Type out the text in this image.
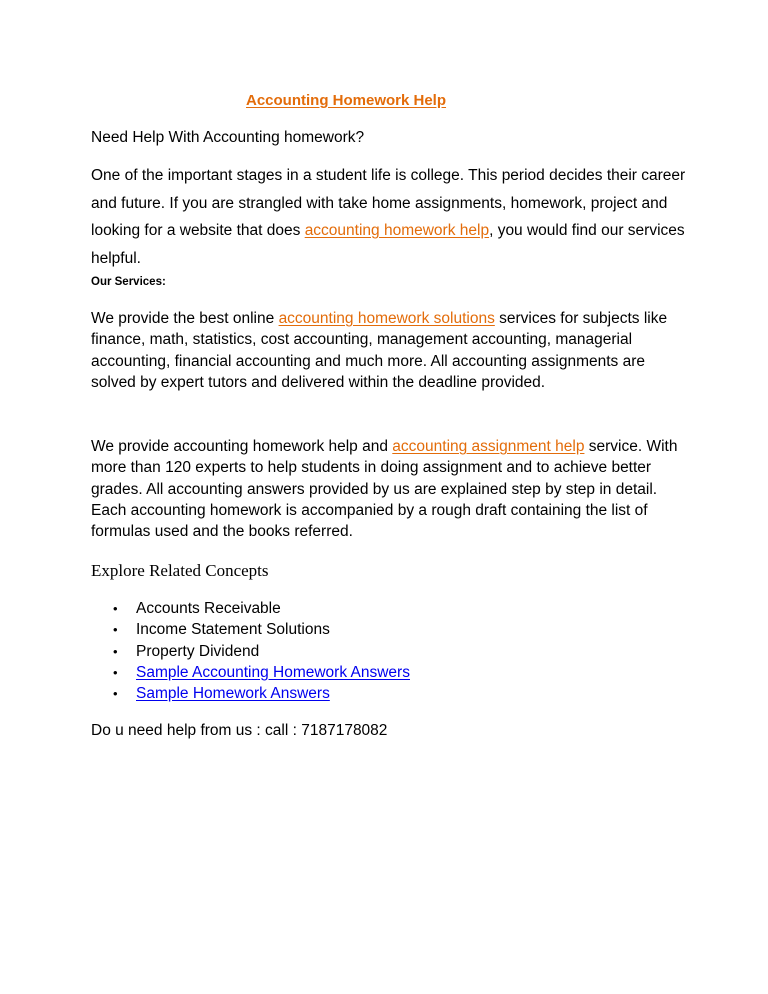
Accounting Homework Help
Need Help With Accounting homework?

One of the important stages in a student life is college. This period decides their career and future. If you are strangled with take home assignments, homework, project and looking for a website that does accounting homework help, you would find our services helpful.

Our Services:

We provide the best online accounting homework solutions services for subjects like finance, math, statistics, cost accounting, management accounting, managerial accounting, financial accounting and much more. All accounting assignments are solved by expert tutors and delivered within the deadline provided.

We provide accounting homework help and accounting assignment help service. With more than 120 experts to help students in doing assignment and to achieve better grades. All accounting answers provided by us are explained step by step in detail. Each accounting homework is accompanied by a rough draft containing the list of formulas used and the books referred.

Explore Related Concepts
• Accounts Receivable
• Income Statement Solutions
• Property Dividend
• Sample Accounting Homework Answers
• Sample Homework Answers
Do u need help from us : call : 7187178082
